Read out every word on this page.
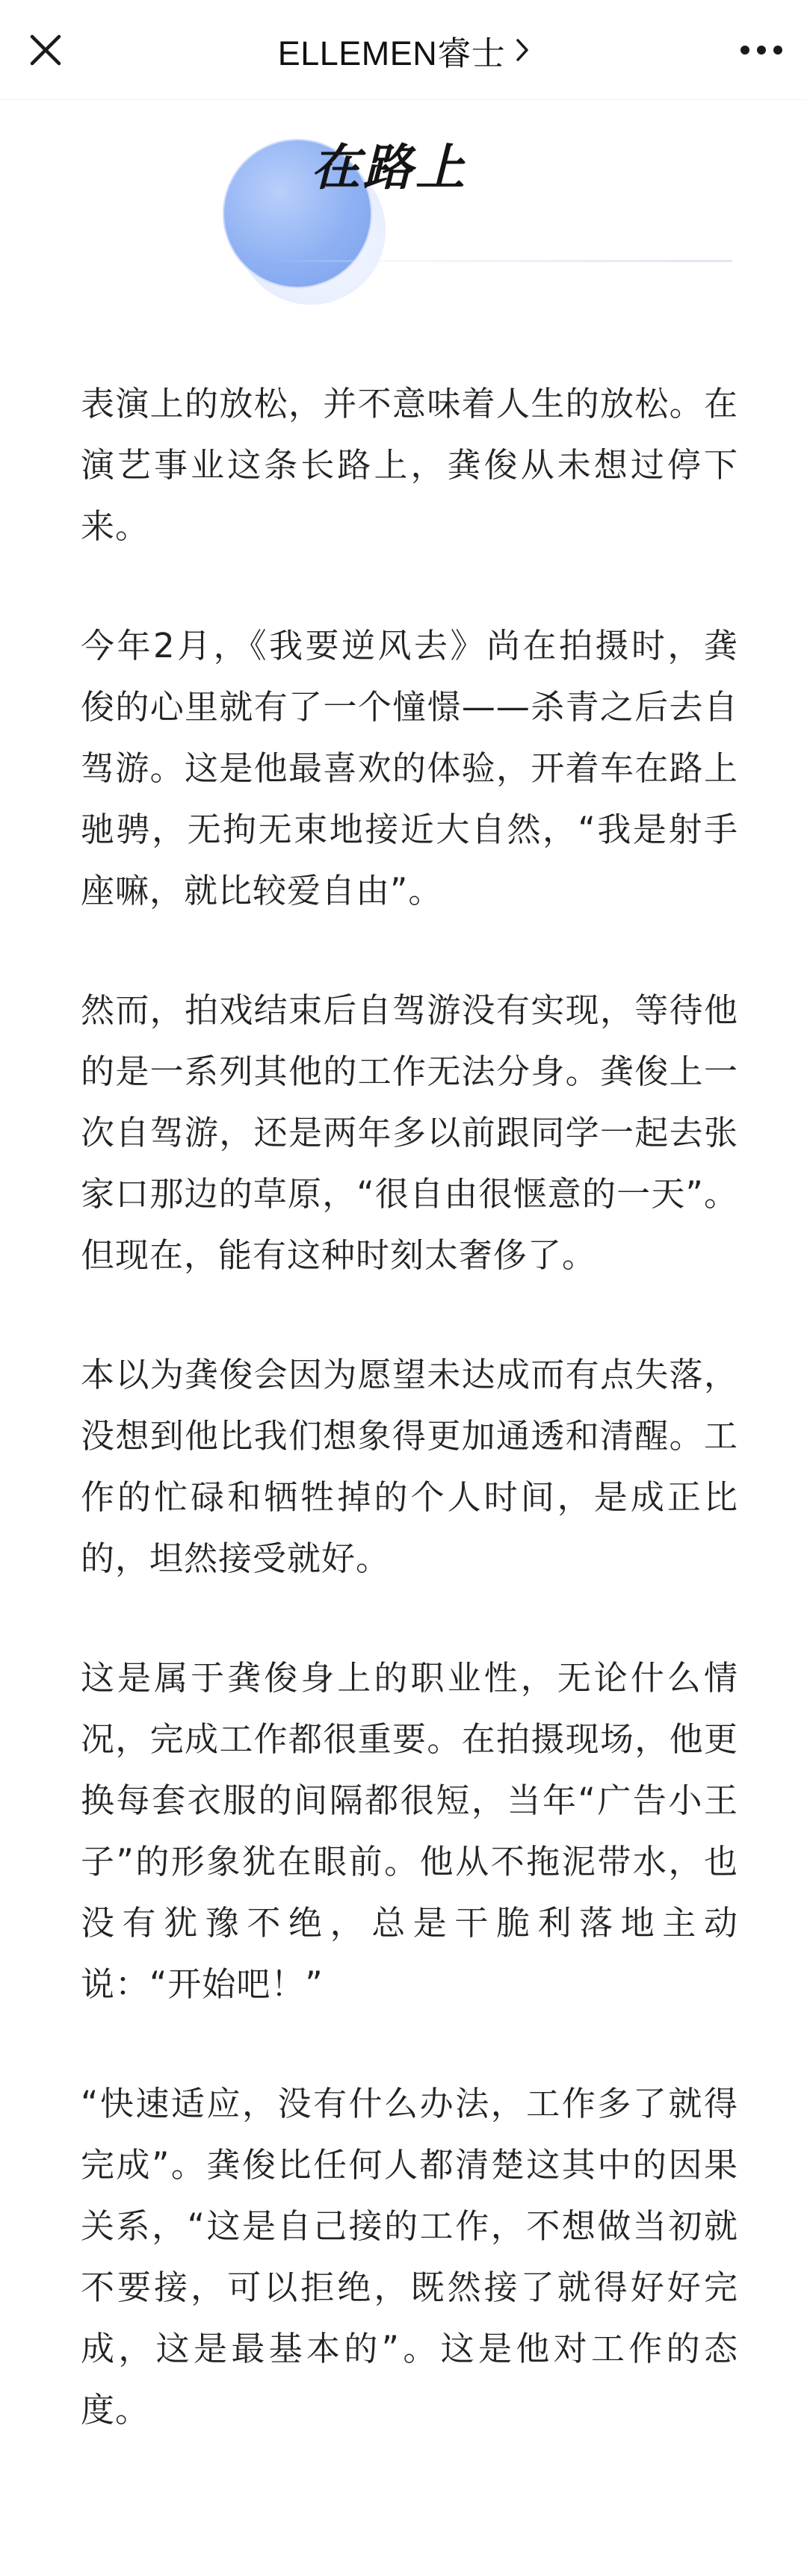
ELLEMEN睿士
在路上

表演上的放松，并不意味着人生的放松。在演艺事业这条长路上，龚俊从未想过停下来。

今年2月，《我要逆风去》尚在拍摄时，龚俊的心里就有了一个憧憬——杀青之后去自驾游。这是他最喜欢的体验，开着车在路上驰骋，无拘无束地接近大自然，“我是射手座嘛，就比较爱自由”。

然而，拍戏结束后自驾游没有实现，等待他的是一系列其他的工作无法分身。龚俊上一次自驾游，还是两年多以前跟同学一起去张家口那边的草原，“很自由很惬意的一天”。但现在，能有这种时刻太奢侈了。

本以为龚俊会因为愿望未达成而有点失落，没想到他比我们想象得更加通透和清醒。工作的忙碌和牺牲掉的个人时间，是成正比的，坦然接受就好。

这是属于龚俊身上的职业性，无论什么情况，完成工作都很重要。在拍摄现场，他更换每套衣服的间隔都很短，当年“广告小王子”的形象犹在眼前。他从不拖泥带水，也没有犹豫不绝，总是干脆利落地主动说：“开始吧！”

“快速适应，没有什么办法，工作多了就得完成”。龚俊比任何人都清楚这其中的因果关系，“这是自己接的工作，不想做当初就不要接，可以拒绝，既然接了就得好好完成，这是最基本的”。这是他对工作的态度。
